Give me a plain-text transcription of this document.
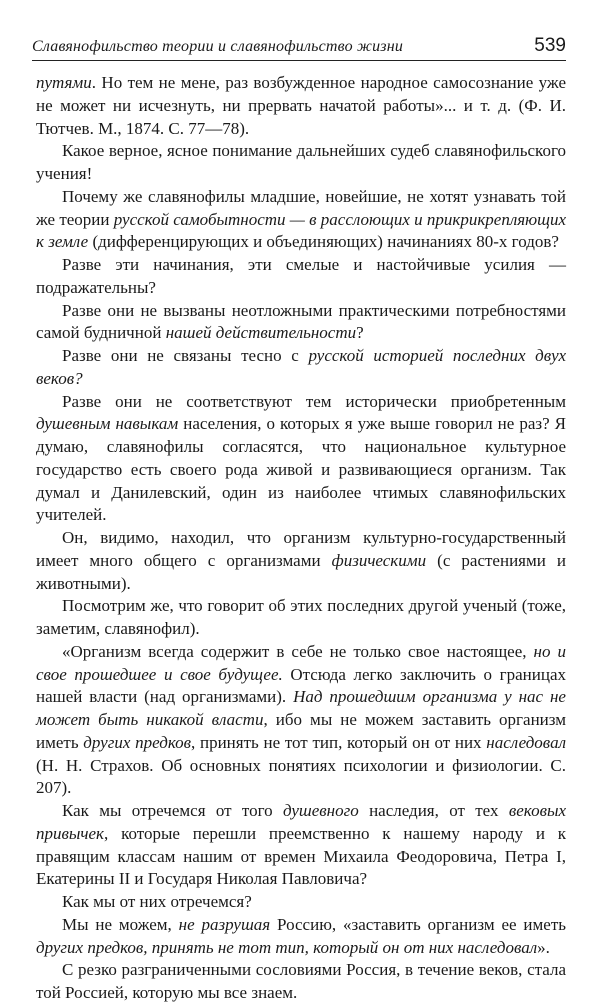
Славянофильство теории и славянофильство жизни	539

путями. Но тем не мене, раз возбужденное народное самосознание уже не может ни исчезнуть, ни прервать начатой работы»... и т. д. (Ф. И. Тютчев. М., 1874. С. 77—78).

Какое верное, ясное понимание дальнейших судеб славянофильского учения!

Почему же славянофилы младшие, новейшие, не хотят узнавать той же теории русской самобытности — в расслоющих и прикрикрепляющих к земле (дифференцирующих и объединяющих) начинаниях 80-х годов?

Разве эти начинания, эти смелые и настойчивые усилия — подражательны?

Разве они не вызваны неотложными практическими потребностями самой будничной нашей действительности?

Разве они не связаны тесно с русской историей последних двух веков?

Разве они не соответствуют тем исторически приобретенным душевным навыкам населения, о которых я уже выше говорил не раз? Я думаю, славянофилы согласятся, что национальное культурное государство есть своего рода живой и развивающиеся организм. Так думал и Данилевский, один из наиболее чтимых славянофильских учителей.

Он, видимо, находил, что организм культурно-государственный имеет много общего с организмами физическими (с растениями и животными).

Посмотрим же, что говорит об этих последних другой ученый (тоже, заметим, славянофил).

«Организм всегда содержит в себе не только свое настоящее, но и свое прошедшее и свое будущее. Отсюда легко заключить о границах нашей власти (над организмами). Над прошедшим организма у нас не может быть никакой власти, ибо мы не можем заставить организм иметь других предков, принять не тот тип, который он от них наследовал (Н. Н. Страхов. Об основных понятиях психологии и физиологии. С. 207).

Как мы отречемся от того душевного наследия, от тех вековых привычек, которые перешли преемственно к нашему народу и к правящим классам нашим от времен Михаила Феодоровича, Петра I, Екатерины II и Государя Николая Павловича?

Как мы от них отречемся?

Мы не можем, не разрушая Россию, «заставить организм ее иметь других предков, принять не тот тип, который он от них наследовал».

С резко разграниченными сословиями Россия, в течение веков, стала той Россией, которую мы все знаем.
